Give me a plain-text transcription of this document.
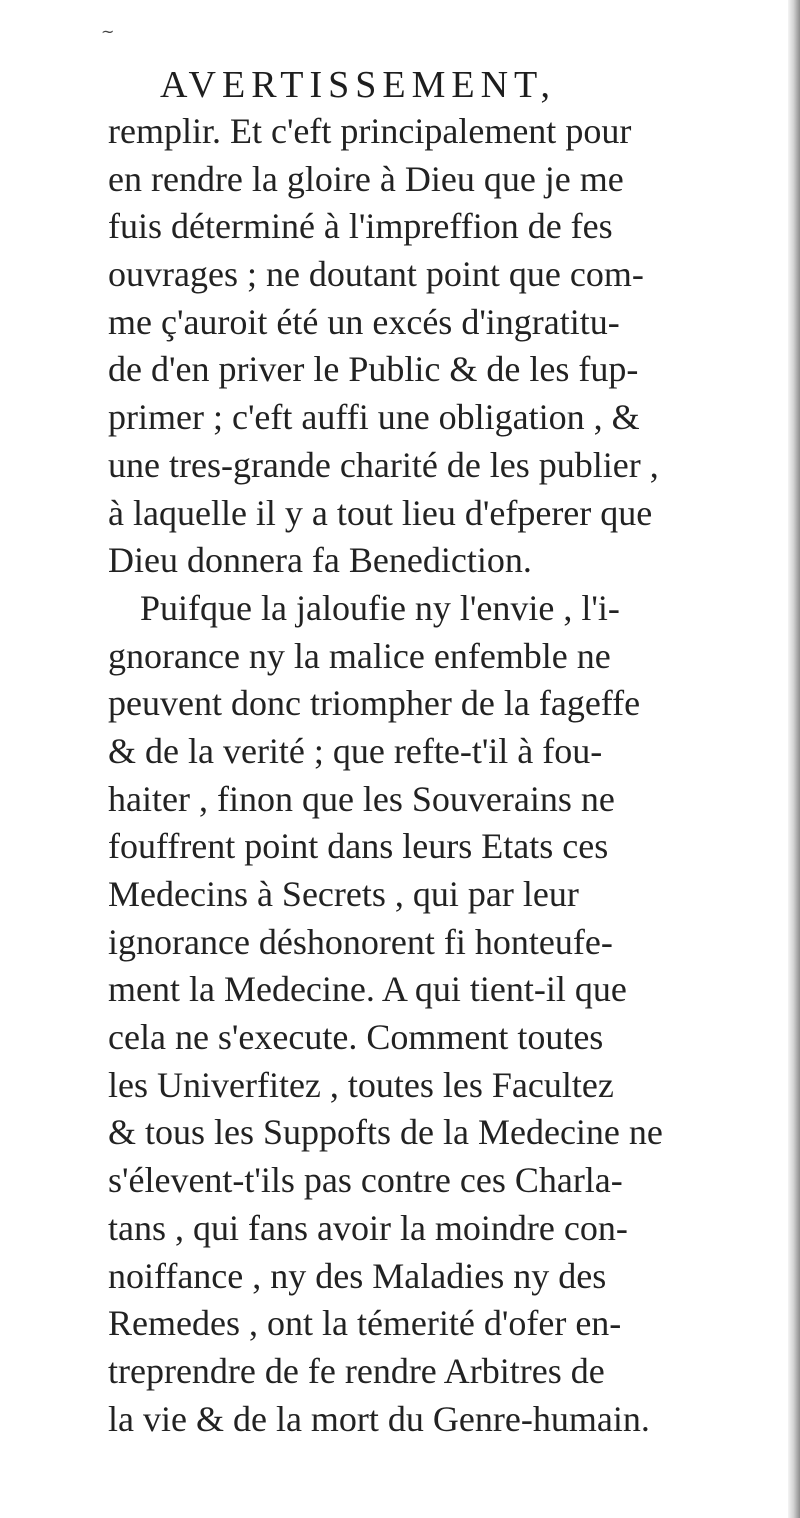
~
AVERTISSEMENT,
remplir. Et c'eft principalement pour
en rendre la gloire à Dieu que je me
fuis déterminé à l'impreffion de fes
ouvrages ; ne doutant point que com-
me ç'auroit été un excés d'ingratitu-
de d'en priver le Public & de les fup-
primer ; c'eft auffi une obligation , &
une tres-grande charité de les publier ,
à laquelle il y a tout lieu d'efperer que
Dieu donnera fa Benediction.
Puifque la jaloufie ny l'envie , l'i-
gnorance ny la malice enfemble ne
peuvent donc triompher de la fageffe
& de la verité ; que refte-t'il à fou-
haiter , finon que les Souverains ne
fouffrent point dans leurs Etats ces
Medecins à Secrets , qui par leur
ignorance déshonorent fi honteufe-
ment la Medecine. A qui tient-il que
cela ne s'execute. Comment toutes
les Univerfitez , toutes les Facultez
& tous les Suppofts de la Medecine ne
s'élevent-t'ils pas contre ces Charla-
tans , qui fans avoir la moindre con-
noiffance , ny des Maladies ny des
Remedes , ont la témerité d'ofer en-
treprendre de fe rendre Arbitres de
la vie & de la mort du Genre-humain.
